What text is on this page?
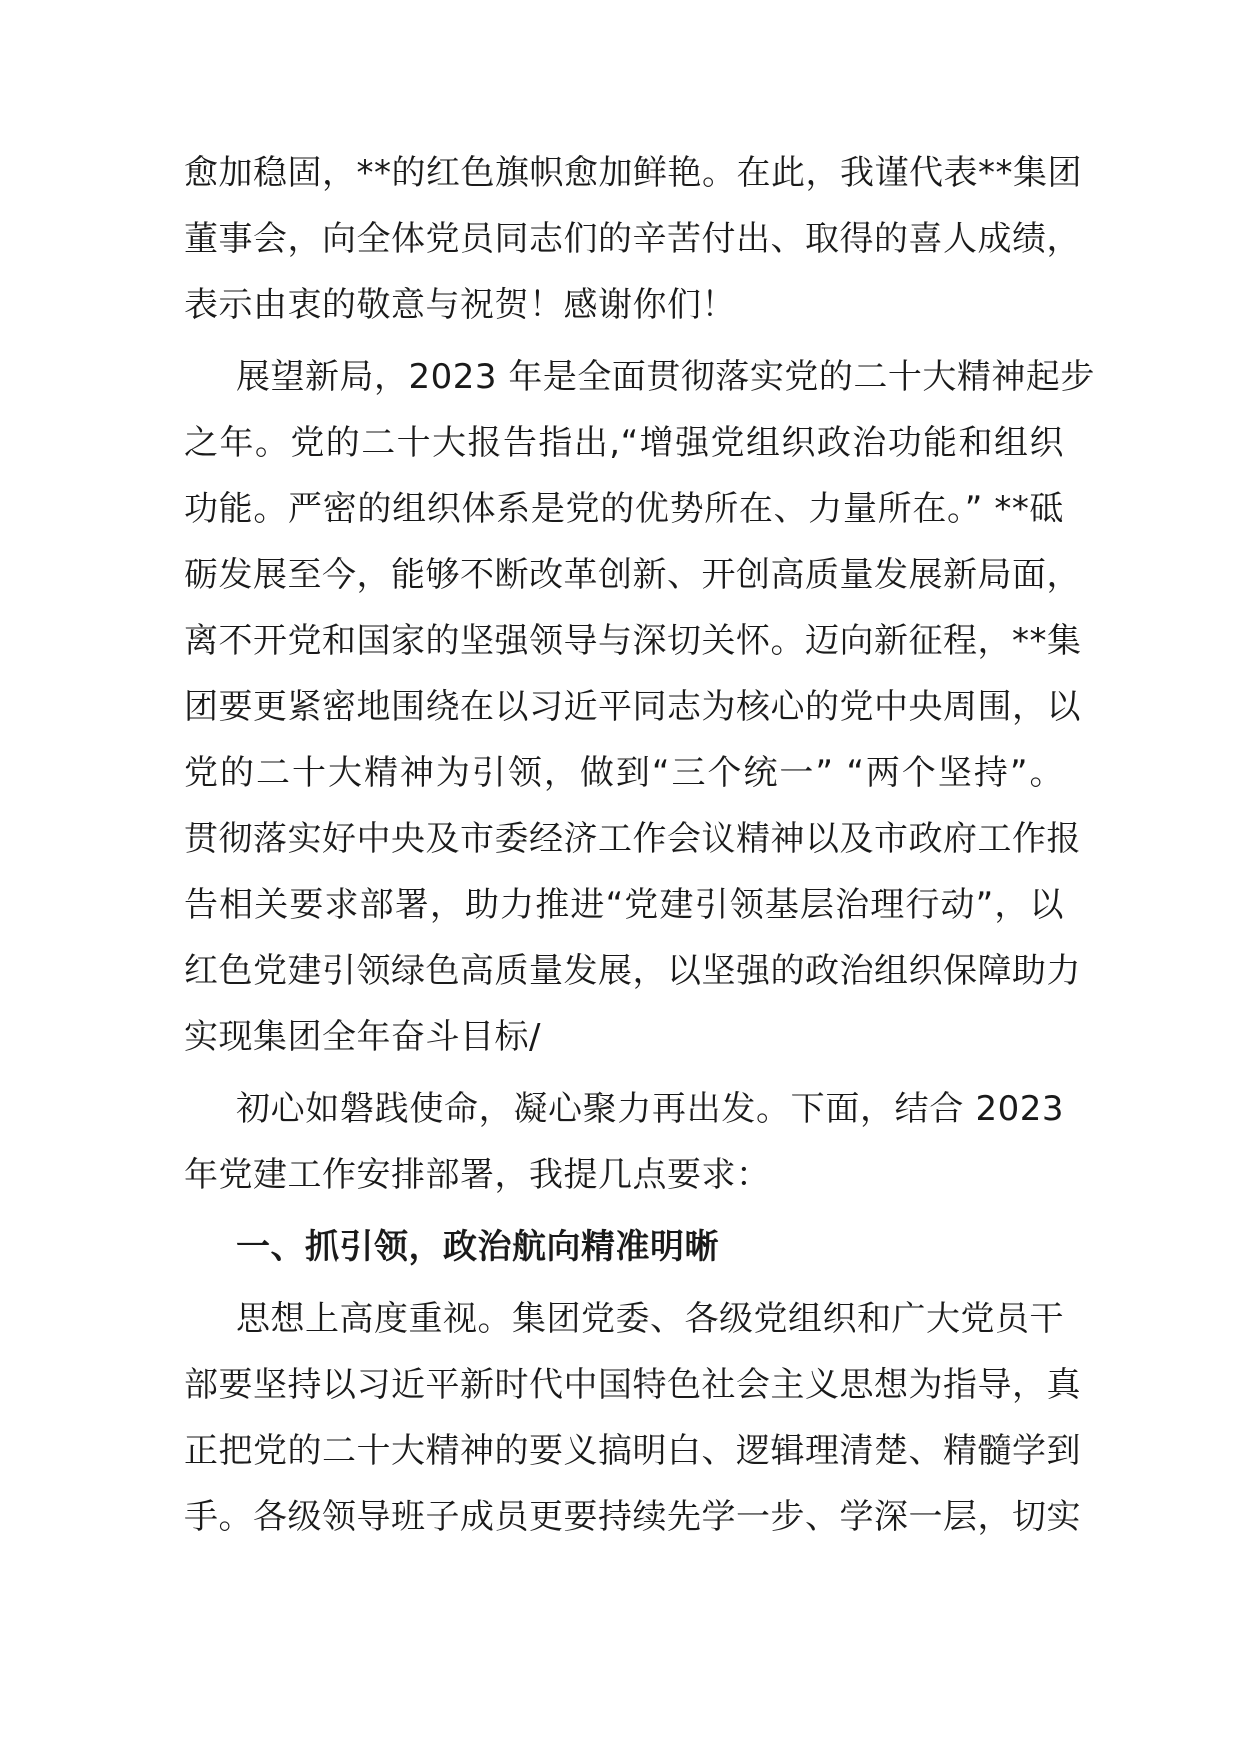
愈加稳固，**的红色旗帜愈加鲜艳。在此，我谨代表**集团
董事会，向全体党员同志们的辛苦付出、取得的喜人成绩，
表示由衷的敬意与祝贺！感谢你们！
展望新局，2023 年是全面贯彻落实党的二十大精神起步
之年。党的二十大报告指出,“增强党组织政治功能和组织
功能。严密的组织体系是党的优势所在、力量所在。” **砥
砺发展至今，能够不断改革创新、开创高质量发展新局面，
离不开党和国家的坚强领导与深切关怀。迈向新征程，**集
团要更紧密地围绕在以习近平同志为核心的党中央周围，以
党的二十大精神为引领，做到“三个统一” “两个坚持”。
贯彻落实好中央及市委经济工作会议精神以及市政府工作报
告相关要求部署，助力推进“党建引领基层治理行动”，以
红色党建引领绿色高质量发展，以坚强的政治组织保障助力
实现集团全年奋斗目标/
初心如磐践使命，凝心聚力再出发。下面，结合 2023
年党建工作安排部署，我提几点要求：
一、抓引领，政治航向精准明晰
思想上高度重视。集团党委、各级党组织和广大党员干
部要坚持以习近平新时代中国特色社会主义思想为指导，真
正把党的二十大精神的要义搞明白、逻辑理清楚、精髓学到
手。各级领导班子成员更要持续先学一步、学深一层，切实
